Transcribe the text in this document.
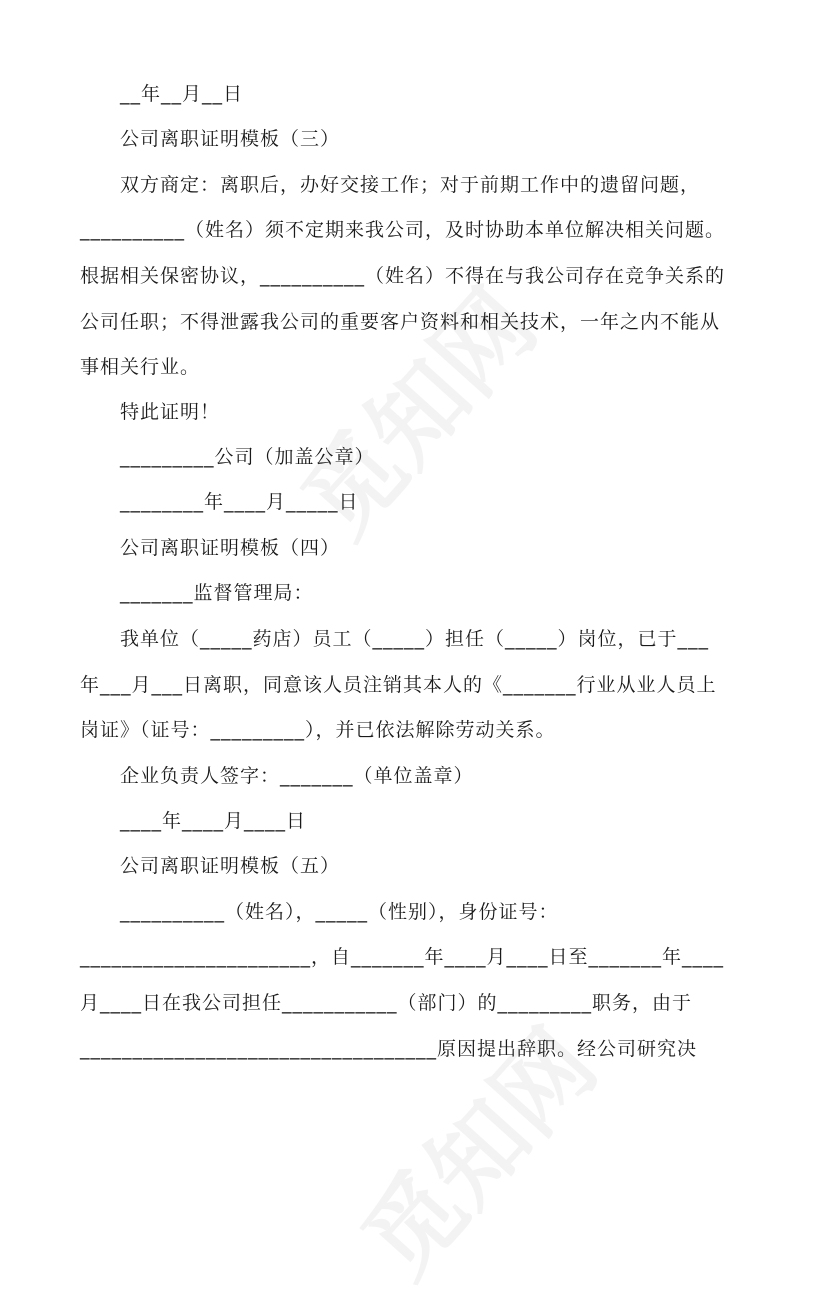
__年__月__日
公司离职证明模板（三）
双方商定：离职后，办好交接工作；对于前期工作中的遗留问题，
__________（姓名）须不定期来我公司，及时协助本单位解决相关问题。
根据相关保密协议，__________（姓名）不得在与我公司存在竞争关系的
公司任职；不得泄露我公司的重要客户资料和相关技术，一年之内不能从
事相关行业。
特此证明！
_________公司（加盖公章）
________年____月_____日
公司离职证明模板（四）
_______监督管理局：
我单位（_____药店）员工（_____）担任（_____）岗位，已于___
年___月___日离职，同意该人员注销其本人的《_______行业从业人员上
岗证》（证号：_________），并已依法解除劳动关系。
企业负责人签字：_______（单位盖章）
____年____月____日
公司离职证明模板（五）
__________（姓名），_____（性别），身份证号：
______________________，自_______年____月____日至_______年____
月____日在我公司担任___________（部门）的_________职务，由于
__________________________________原因提出辞职。经公司研究决
